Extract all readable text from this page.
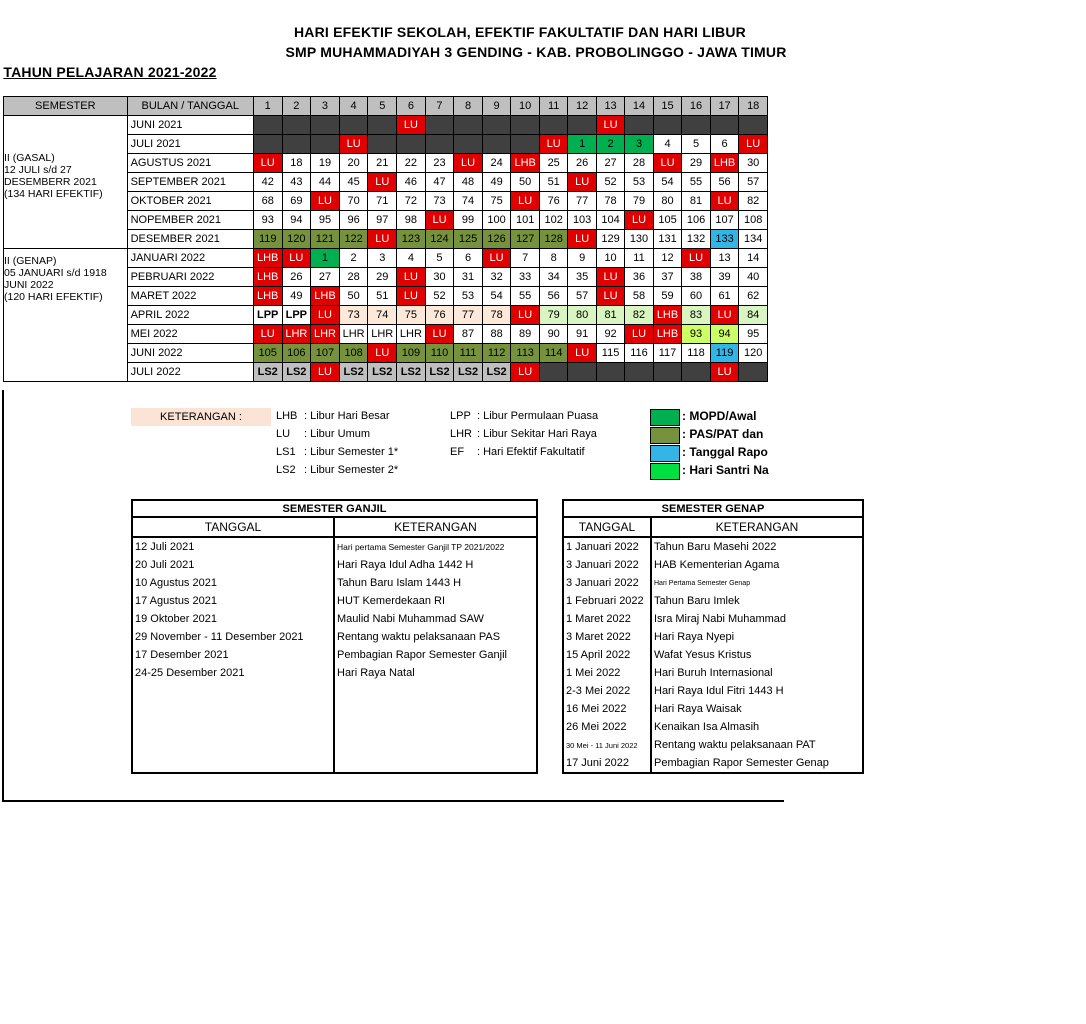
HARI EFEKTIF SEKOLAH, EFEKTIF FAKULTATIF DAN HARI LIBUR
SMP MUHAMMADIYAH 3 GENDING - KAB. PROBOLINGGO - JAWA TIMUR
TAHUN PELAJARAN 2021-2022
SEMESTER	BULAN / TANGGAL	1	2	3	4	5	6	7	8	9	10	11	12	13	14	15	16	17	18
II (GASAL)
12 JULI s/d 27 DESEMBERR 2021
(134 HARI EFEKTIF)	JUNI 2021						LU							LU					
	JULI 2021				LU							LU	1	2	3	4	5	6	LU
	AGUSTUS 2021	LU	18	19	20	21	22	23	LU	24	LHB	25	26	27	28	LU	29	LHB	30
	SEPTEMBER 2021	42	43	44	45	LU	46	47	48	49	50	51	LU	52	53	54	55	56	57
	OKTOBER 2021	68	69	LU	70	71	72	73	74	75	LU	76	77	78	79	80	81	LU	82
	NOPEMBER 2021	93	94	95	96	97	98	LU	99	100	101	102	103	104	LU	105	106	107	108
	DESEMBER 2021	119	120	121	122	LU	123	124	125	126	127	128	LU	129	130	131	132	133	134
II (GENAP)
05 JANUARI s/d 1918 JUNI 2022
(120 HARI EFEKTIF)	JANUARI 2022	LHB	LU	1	2	3	4	5	6	LU	7	8	9	10	11	12	LU	13	14
	PEBRUARI 2022	LHB	26	27	28	29	LU	30	31	32	33	34	35	LU	36	37	38	39	40
	MARET 2022	LHB	49	LHB	50	51	LU	52	53	54	55	56	57	LU	58	59	60	61	62
	APRIL 2022	LPP	LPP	LU	73	74	75	76	77	78	LU	79	80	81	82	LHB	83	LU	84
	MEI 2022	LU	LHR	LHR	LHR	LHR	LHR	LU	87	88	89	90	91	92	LU	LHB	93	94	95
	JUNI 2022	105	106	107	108	LU	109	110	111	112	113	114	LU	115	116	117	118	119	120
	JULI 2022	LS2	LS2	LU	LS2	LS2	LS2	LS2	LS2	LS2	LU							LU	
KETERANGAN :	LHB : Libur Hari Besar
LU : Libur Umum
LS1 : Libur Semester 1*
LS2 : Libur Semester 2*
LPP : Libur Permulaan Puasa
LHR : Libur Sekitar Hari Raya
EF : Hari Efektif Fakultatif
: MOPD/Awal
: PAS/PAT dan
: Tanggal Rapo
: Hari Santri Na
SEMESTER GANJIL	
TANGGAL	KETERANGAN
12 Juli 2021	Hari pertama Semester Ganjil TP 2021/2022
20 Juli 2021	Hari Raya Idul Adha 1442 H
10 Agustus 2021	Tahun Baru Islam 1443 H
17 Agustus 2021	HUT Kemerdekaan RI
19 Oktober 2021	Maulid Nabi Muhammad SAW
29 November - 11 Desember 2021	Rentang waktu pelaksanaan PAS
17 Desember 2021	Pembagian Rapor Semester Ganjil
24-25 Desember 2021	Hari Raya Natal

SEMESTER GENAP	
TANGGAL	KETERANGAN
1 Januari 2022	Tahun Baru Masehi 2022
3 Januari 2022	HAB Kementerian Agama
3 Januari 2022	Hari Pertama Semester Genap
1 Februari 2022	Tahun Baru Imlek
1 Maret 2022	Isra Miraj Nabi Muhammad
3 Maret 2022	Hari Raya Nyepi
15 April 2022	Wafat Yesus Kristus
1 Mei 2022	Hari Buruh Internasional
2-3 Mei 2022	Hari Raya Idul Fitri 1443 H
16 Mei 2022	Hari Raya Waisak
26 Mei 2022	Kenaikan Isa Almasih
30 Mei - 11 Juni 2022	Rentang waktu pelaksanaan PAT
17 Juni 2022	Pembagian Rapor Semester Genap
